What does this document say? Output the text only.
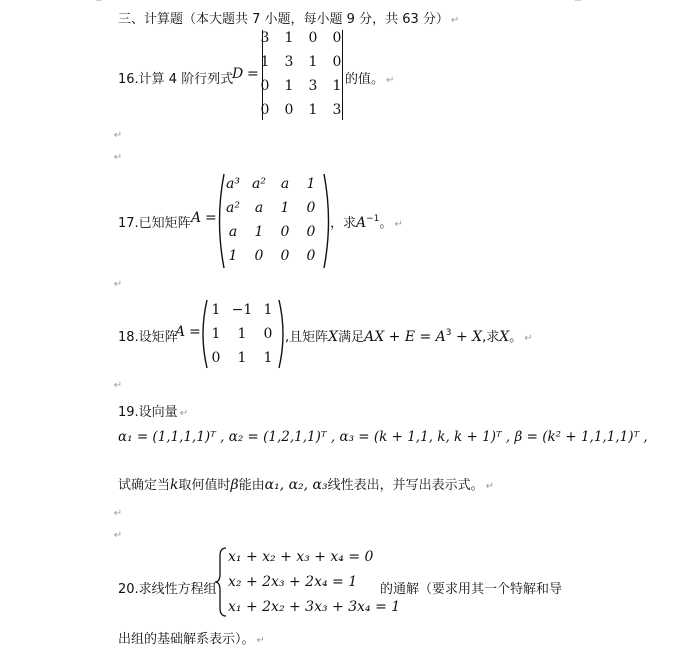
三、计算题（本大题共 7 小题，每小题 9 分，共 63 分） ↵
16.计算 4 阶行列式
D =
3	1	0	0
1	3	1	0
0	1	3	1
0	0	1	3
的值。 ↵
↵
↵
17.已知矩阵 A =
a³ a²	a	1
a²	a	1	0
a	1	0	0
1	0	0	0
，求$A^{-1}$。 ↵
↵
18.设矩阵
A =
1 −1 1
1	1	0
0	1	1
,且矩阵X满足AX + $E = A^3 + X$,求X。 ↵
↵
19.设向量 ↵
α₁ = (1,1,1,1)ᵀ , α₂ = (1,2,1,1)ᵀ , α₃ = (k + 1,1, k, k + 1)ᵀ , β = (k² + 1,1,1,1)ᵀ ,
试确定当k取何值时β能由α₁, α₂, α₃线性表出，并写出表示式。 ↵
↵
↵
20.求线性方程组
x₁ + x₂ + x₃ + x₄ = 0
x₂ + 2x₃ + 2x₄ = 1
x₁ + 2x₂ + 3x₃ + 3x₄ = 1
的通解（要求用其一个特解和导
出组的基础解系表示）。 ↵
